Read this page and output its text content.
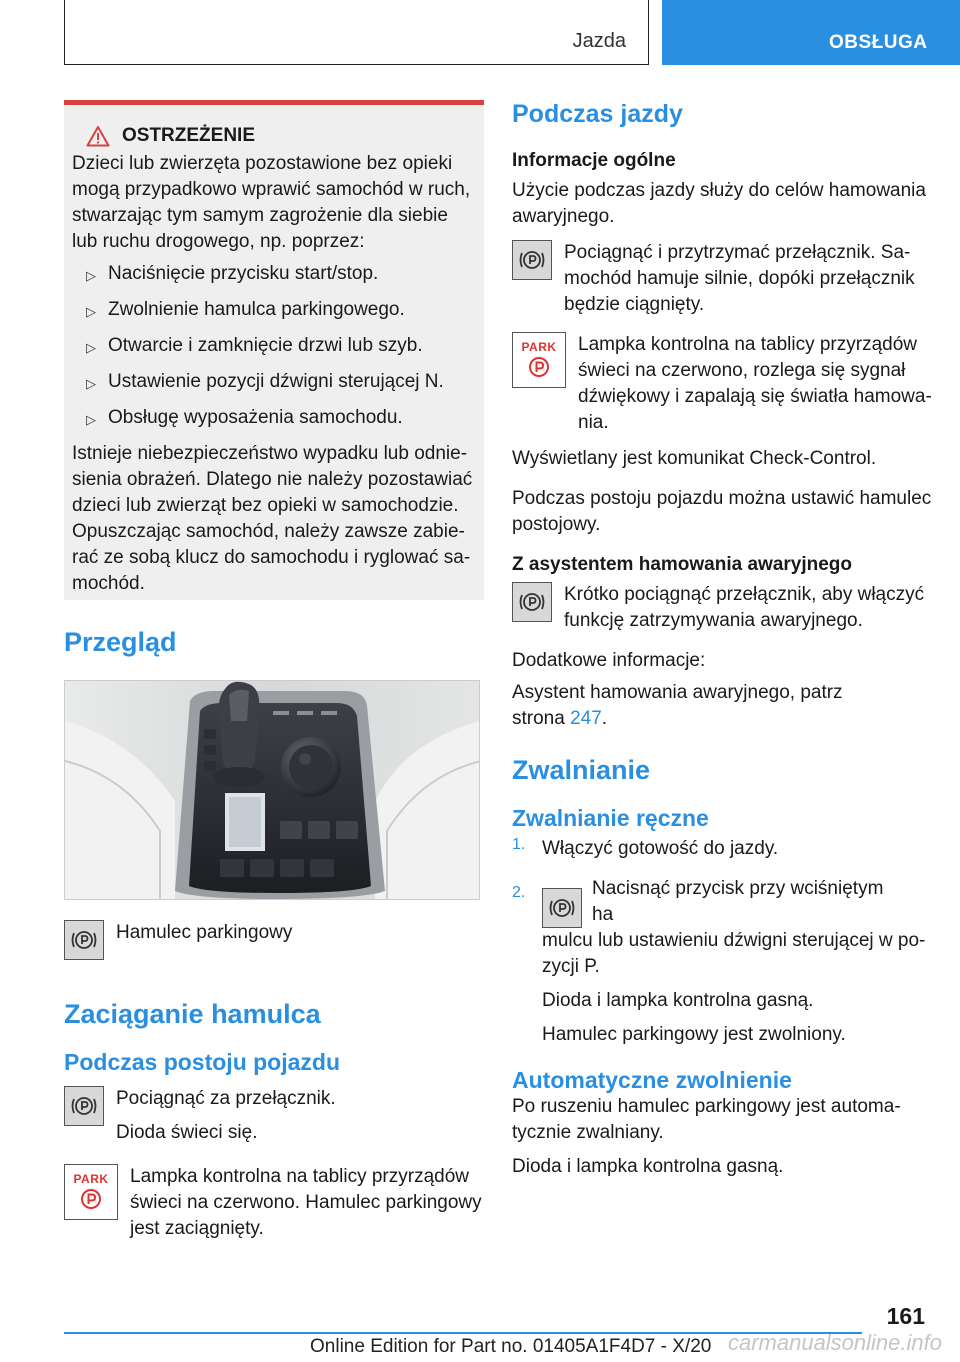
Jazda	OBSŁUGA
OSTRZEŻENIE

Dzieci lub zwierzęta pozostawione bez opieki mogą przypadkowo wprawić samochód w ruch, stwarzając tym samym zagrożenie dla siebie lub ruchu drogowego, np. poprzez:

▷ Naciśnięcie przycisku start/stop.
▷ Zwolnienie hamulca parkingowego.
▷ Otwarcie i zamknięcie drzwi lub szyb.
▷ Ustawienie pozycji dźwigni sterującej N.
▷ Obsługę wyposażenia samochodu.

Istnieje niebezpieczeństwo wypadku lub odniesienia obrażeń. Dlatego nie należy pozostawiać dzieci lub zwierząt bez opieki w samochodzie. Opuszczając samochód, należy zawsze zabierać ze sobą klucz do samochodu i ryglować samochód.

Przegląd

Hamulec parkingowy

Zaciąganie hamulca
Podczas postoju pojazdu

Pociągnąć za przełącznik.

Dioda świeci się.

PARK Lampka kontrolna na tablicy przyrządów świeci na czerwono. Hamulec parkingowy jest zaciągnięty.

Podczas jazdy
Informacje ogólne

Użycie podczas jazdy służy do celów hamowania awaryjnego.

Pociągnąć i przytrzymać przełącznik. Samochód hamuje silnie, dopóki przełącznik będzie ciągnięty.

PARK Lampka kontrolna na tablicy przyrządów świeci na czerwono, rozlega się sygnał dźwiękowy i zapalają się światła hamowania.

Wyświetlany jest komunikat Check-Control.

Podczas postoju pojazdu można ustawić hamulec postojowy.

Z asystentem hamowania awaryjnego

Krótko pociągnąć przełącznik, aby włączyć funkcję zatrzymywania awaryjnego.

Dodatkowe informacje:

Asystent hamowania awaryjnego, patrz

strona 247.

Zwalnianie
Zwalnianie ręczne
1. Włączyć gotowość do jazdy.

2.	Nacisnąć przycisk przy wciśniętym ha

mulcu lub ustawieniu dźwigni sterującej w pozycji P.

Dioda i lampka kontrolna gasną.

Hamulec parkingowy jest zwolniony.

Automatyczne zwolnienie

Po ruszeniu hamulec parkingowy jest automatycznie zwalniany.

Dioda i lampka kontrolna gasną.

161
Online Edition for Part no. 01405A1F4D7 - X/20 carmanualsonline.info
